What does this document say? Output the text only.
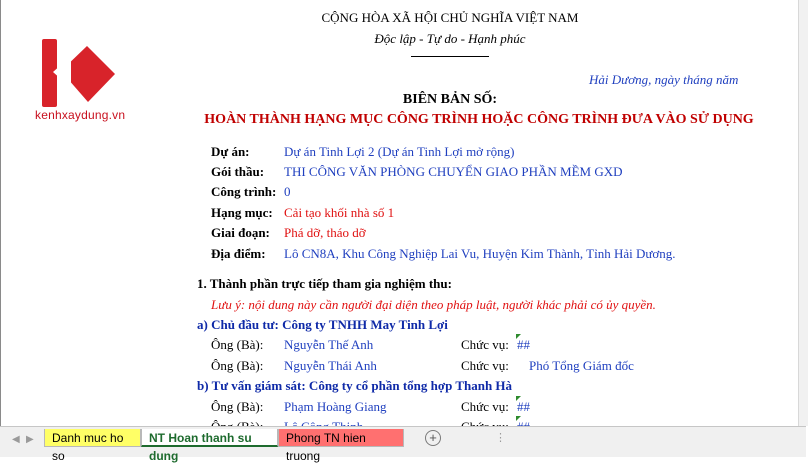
kenhxaydung.vn
CỘNG HÒA XÃ HỘI CHỦ NGHĨA VIỆT NAM
Độc lập - Tự do - Hạnh phúc
Hải Dương, ngày tháng năm
BIÊN BẢN SỐ:
HOÀN THÀNH HẠNG MỤC CÔNG TRÌNH HOẶC CÔNG TRÌNH ĐƯA VÀO SỬ DỤNG
Dự án:	Dự án Tinh Lợi 2 (Dự án Tinh Lợi mở rộng)
Gói thầu: THI CÔNG VĂN PHÒNG CHUYỂN GIAO PHẦN MỀM GXD
Công trình: 0
Hạng mục: Cải tạo khối nhà số 1
Giai đoạn: Phá dỡ, tháo dỡ
Địa điểm: Lô CN8A, Khu Công Nghiệp Lai Vu, Huyện Kim Thành, Tỉnh Hải Dương.
1. Thành phần trực tiếp tham gia nghiệm thu:
Lưu ý: nội dung này cần người đại diện theo pháp luật, người khác phải có ủy quyền.
a) Chủ đầu tư: Công ty TNHH May Tinh Lợi
Ông (Bà): Nguyễn Thế Anh	Chức vụ: ##
Ông (Bà): Nguyễn Thái Anh	Chức vụ: Phó Tổng Giám đốc
b) Tư vấn giám sát: Công ty cổ phần tổng hợp Thanh Hà
Ông (Bà): Phạm Hoàng Giang	Chức vụ: ##
◀ ▶	Danh muc ho so
NT Hoan thanh su dung
Phong TN hien truong
+	⋮
